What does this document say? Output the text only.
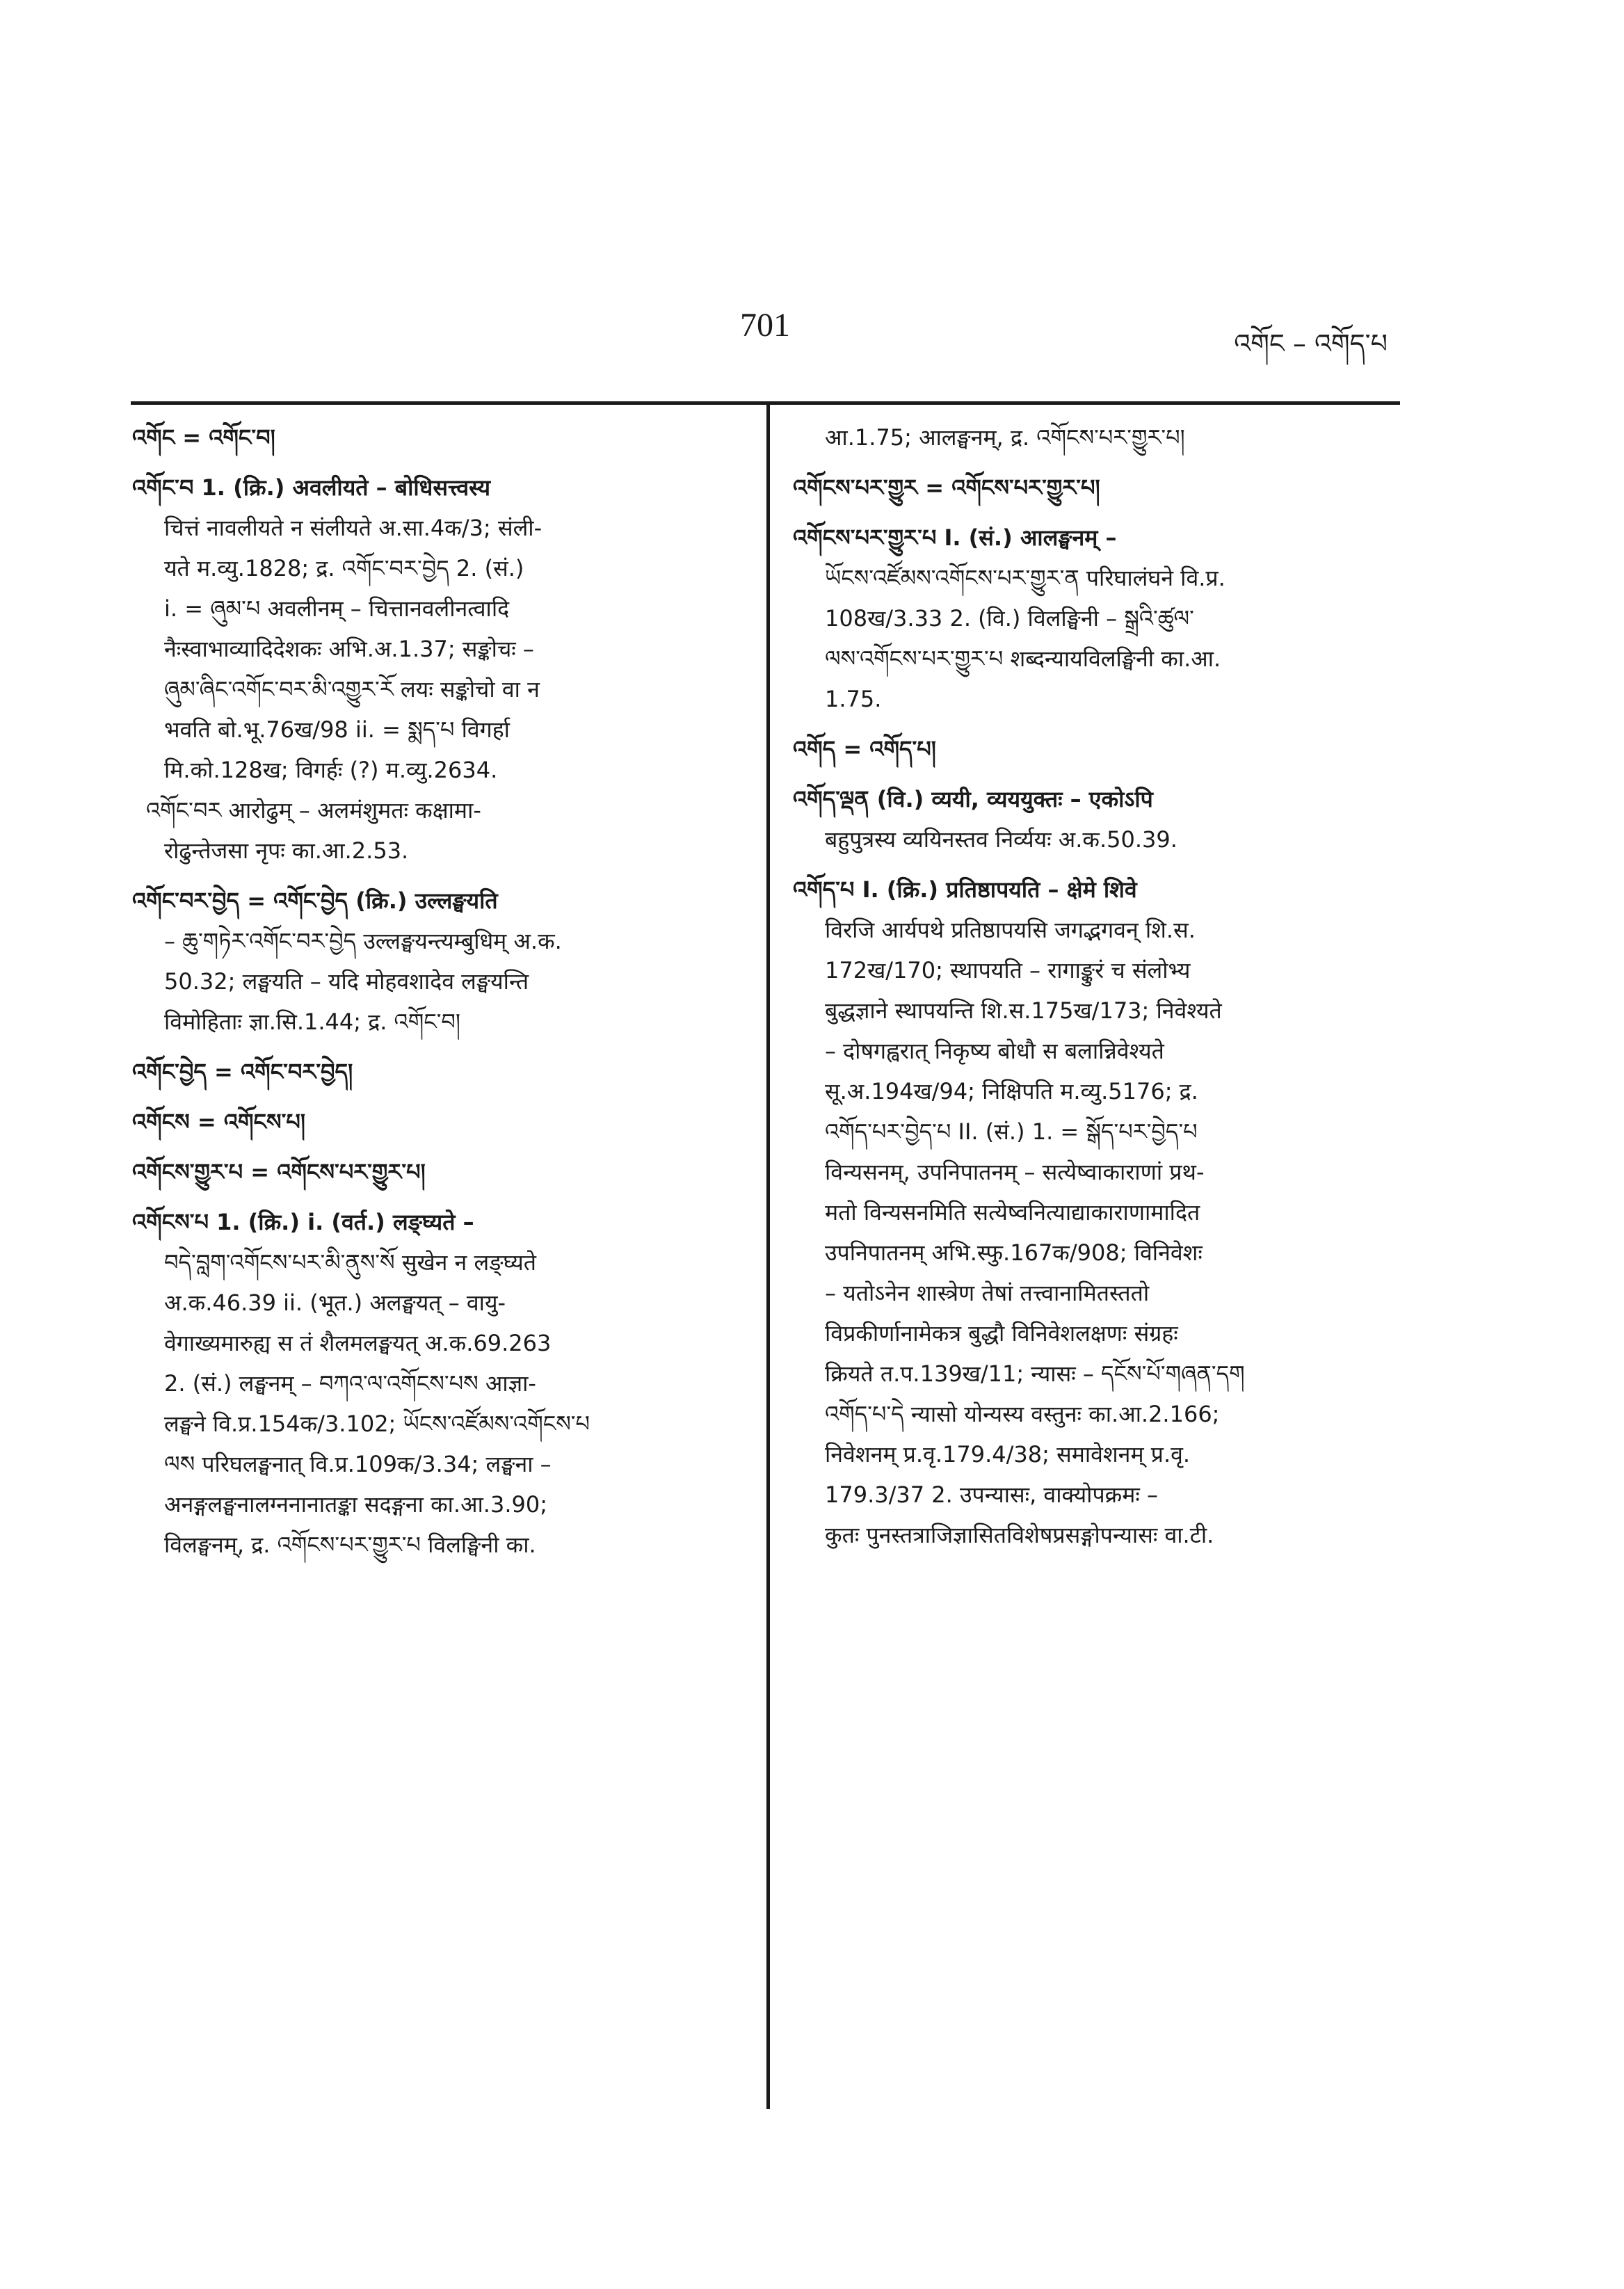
701	འགོང – འགོད་པ
འགོང = འགོང་བ།
འགོང་བ 1. (क्रि.) अवलीयते – बोधिसत्त्वस्य
चित्तं नावलीयते न संलीयते अ.सा.4क/3; संली-
यते म.व्यु.1828; द्र. འགོང་བར་བྱེད 2. (सं.)
i. = ཞུམ་པ अवलीनम् – चित्तानवलीनत्वादि
नैःस्वाभाव्यादिदेशकः अभि.अ.1.37; सङ्कोचः –
ཞུམ་ཞིང་འགོང་བར་མི་འགྱུར་རོ लयः सङ्कोचो वा न
भवति बो.भू.76ख/98 ii. = སྨད་པ विगर्हा
मि.को.128ख; विगर्हः (?) म.व्यु.2634.
འགོང་བར आरोढुम् – अलमंशुमतः कक्षामा-
रोढुन्तेजसा नृपः का.आ.2.53.
འགོང་བར་བྱེད = འགོང་བྱེད (क्रि.) उल्लङ्घयति
– ཆུ་གཏེར་འགོང་བར་བྱེད उल्लङ्घयन्त्यम्बुधिम् अ.क.
50.32; लङ्घयति – यदि मोहवशादेव लङ्घयन्ति
विमोहिताः ज्ञा.सि.1.44; द्र. འགོང་བ།
འགོང་བྱེད = འགོང་བར་བྱེད།
འགོངས = འགོངས་པ།
འགོངས་གྱུར་པ = འགོངས་པར་གྱུར་པ།
འགོངས་པ 1. (क्रि.) i. (वर्त.) लङ्घ्यते –
བདེ་བླག་འགོངས་པར་མི་ནུས་སོ सुखेन न लङ्घ्यते
अ.क.46.39 ii. (भूत.) अलङ्घयत् – वायु-
वेगाख्यमारुह्य स तं शैलमलङ्घयत् अ.क.69.263
2. (सं.) लङ्घनम् – བཀའ་ལ་འགོངས་པས आज्ञा-
लङ्घने वि.प्र.154क/3.102; ཡོངས་འཛོམས་འགོངས་པ
ལས परिघलङ्घनात् वि.प्र.109क/3.34; लङ्घना –
अनङ्गलङ्घनालग्ननानातङ्का सदङ्गना का.आ.3.90;
विलङ्घनम्, द्र. འགོངས་པར་གྱུར་པ विलङ्घिनी का.
आ.1.75; आलङ्घनम्, द्र. འགོངས་པར་གྱུར་པ།
འགོངས་པར་གྱུར = འགོངས་པར་གྱུར་པ།
འགོངས་པར་གྱུར་པ I. (सं.) आलङ्घनम् –
ཡོངས་འཛོམས་འགོངས་པར་གྱུར་ན परिघालंघने वि.प्र.
108ख/3.33 2. (वि.) विलङ्घिनी – སྒྲའི་ཚུལ་
ལས་འགོངས་པར་གྱུར་པ शब्दन्यायविलङ्घिनी का.आ.
1.75.
འགོད = འགོད་པ།
འགོད་ལྡན (वि.) व्ययी, व्यययुक्तः – एकोऽपि
बहुपुत्रस्य व्ययिनस्तव निर्व्ययः अ.क.50.39.
འགོད་པ I. (क्रि.) प्रतिष्ठापयति – क्षेमे शिवे
विरजि आर्यपथे प्रतिष्ठापयसि जगद्भगवन् शि.स.
172ख/170; स्थापयति – रागाङ्कुरं च संलोभ्य
बुद्धज्ञाने स्थापयन्ति शि.स.175ख/173; निवेश्यते
– दोषगह्वरात् निकृष्य बोधौ स बलान्निवेश्यते
सू.अ.194ख/94; निक्षिपति म.व्यु.5176; द्र.
འགོད་པར་བྱེད་པ II. (सं.) 1. = སྒོད་པར་བྱེད་པ
विन्यसनम्, उपनिपातनम् – सत्येष्वाकाराणां प्रथ-
मतो विन्यसनमिति सत्येष्वनित्याद्याकाराणामादित
उपनिपातनम् अभि.स्फु.167क/908; विनिवेशः
– यतोऽनेन शास्त्रेण तेषां तत्त्वानामितस्ततो
विप्रकीर्णानामेकत्र बुद्धौ विनिवेशलक्षणः संग्रहः
क्रियते त.प.139ख/11; न्यासः – དངོས་པོ་གཞན་དག
འགོད་པ་དེ न्यासो योन्यस्य वस्तुनः का.आ.2.166;
निवेशनम् प्र.वृ.179.4/38; समावेशनम् प्र.वृ.
179.3/37 2. उपन्यासः, वाक्योपक्रमः –
कुतः पुनस्तत्राजिज्ञासितविशेषप्रसङ्गोपन्यासः वा.टी.
